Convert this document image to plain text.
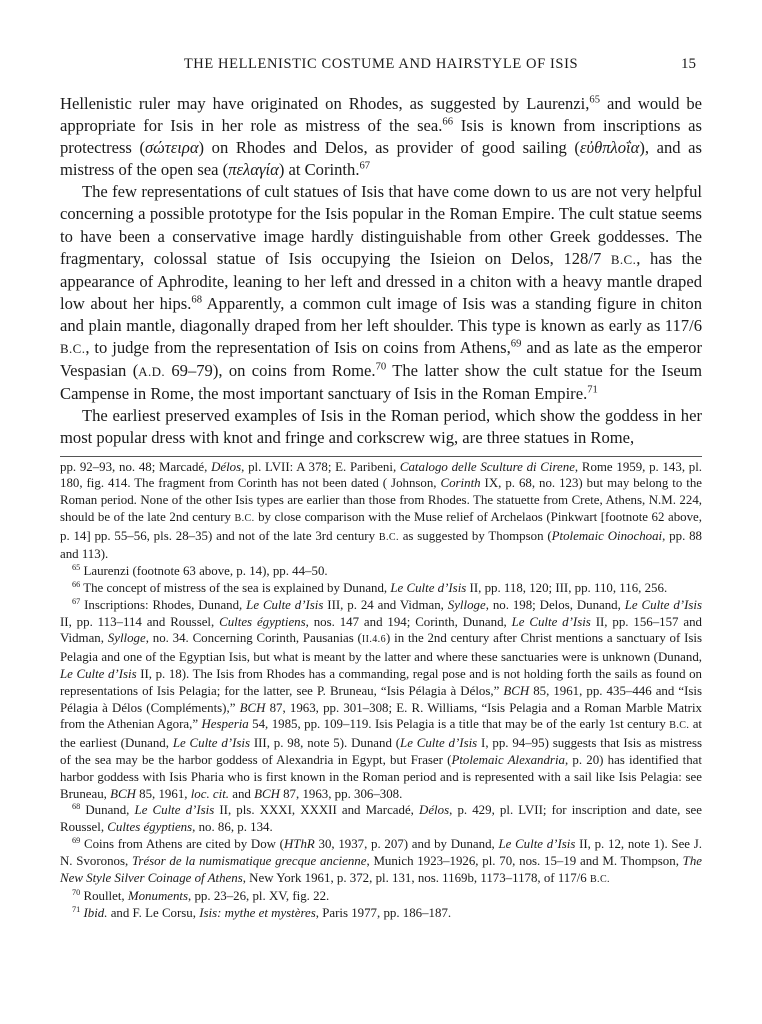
THE HELLENISTIC COSTUME AND HAIRSTYLE OF ISIS	15

Hellenistic ruler may have originated on Rhodes, as suggested by Laurenzi,$^{65}$ and would be appropriate for Isis in her role as mistress of the sea.$^{66}$ Isis is known from inscriptions as protectress (σώτειρα) on Rhodes and Delos, as provider of good sailing (εὐθπλοΐα), and as mistress of the open sea (πελαγία) at Corinth.$^{67}$

The few representations of cult statues of Isis that have come down to us are not very helpful concerning a possible prototype for the Isis popular in the Roman Empire. The cult statue seems to have been a conservative image hardly distinguishable from other Greek goddesses. The fragmentary, colossal statue of Isis occupying the Isieion on Delos, 128/7 B.C., has the appearance of Aphrodite, leaning to her left and dressed in a chiton with a heavy mantle draped low about her hips.$^{68}$ Apparently, a common cult image of Isis was a standing figure in chiton and plain mantle, diagonally draped from her left shoulder. This type is known as early as 117/6 B.C., to judge from the representation of Isis on coins from Athens,$^{69}$ and as late as the emperor Vespasian (A.D. 69–79), on coins from Rome.$^{70}$ The latter show the cult statue for the Iseum Campense in Rome, the most important sanctuary of Isis in the Roman Empire.$^{71}$

The earliest preserved examples of Isis in the Roman period, which show the goddess in her most popular dress with knot and fringe and corkscrew wig, are three statues in Rome,

pp. 92–93, no. 48; Marcadé, Délos, pl. LVII: A 378; E. Paribeni, Catalogo delle Sculture di Cirene, Rome 1959, p. 143, pl. 180, fig. 414. The fragment from Corinth has not been dated ( Johnson, Corinth IX, p. 68, no. 123) but may belong to the Roman period. None of the other Isis types are earlier than those from Rhodes. The statuette from Crete, Athens, N.M. 224, should be of the late 2nd century B.C. by close comparison with the Muse relief of Archelaos (Pinkwart [footnote 62 above, p. 14] pp. 55–56, pls. 28–35) and not of the late 3rd century B.C. as suggested by Thompson (Ptolemaic Oinochoai, pp. 88 and 113).

$^{65}$ Laurenzi (footnote 63 above, p. 14), pp. 44–50.

$^{66}$ The concept of mistress of the sea is explained by Dunand, Le Culte d’Isis II, pp. 118, 120; III, pp. 110, 116, 256.

$^{67}$ Inscriptions: Rhodes, Dunand, Le Culte d’Isis III, p. 24 and Vidman, Sylloge, no. 198; Delos, Dunand, Le Culte d’Isis II, pp. 113–114 and Roussel, Cultes égyptiens, nos. 147 and 194; Corinth, Dunand, Le Culte d’Isis II, pp. 156–157 and Vidman, Sylloge, no. 34. Concerning Corinth, Pausanias (II.4.6) in the 2nd century after Christ mentions a sanctuary of Isis Pelagia and one of the Egyptian Isis, but what is meant by the latter and where these sanctuaries were is unknown (Dunand, Le Culte d’Isis II, p. 18). The Isis from Rhodes has a commanding, regal pose and is not holding forth the sails as found on representations of Isis Pelagia; for the latter, see P. Bruneau, “Isis Pélagia à Délos,” BCH 85, 1961, pp. 435–446 and “Isis Pélagia à Délos (Compléments),” BCH 87, 1963, pp. 301–308; E. R. Williams, “Isis Pelagia and a Roman Marble Matrix from the Athenian Agora,” Hesperia 54, 1985, pp. 109–119. Isis Pelagia is a title that may be of the early 1st century B.C. at the earliest (Dunand, Le Culte d’Isis III, p. 98, note 5). Dunand (Le Culte d’Isis I, pp. 94–95) suggests that Isis as mistress of the sea may be the harbor goddess of Alexandria in Egypt, but Fraser (Ptolemaic Alexandria, p. 20) has identified that harbor goddess with Isis Pharia who is first known in the Roman period and is represented with a sail like Isis Pelagia: see Bruneau, BCH 85, 1961, loc. cit. and BCH 87, 1963, pp. 306–308.

$^{68}$ Dunand, Le Culte d’Isis II, pls. XXXI, XXXII and Marcadé, Délos, p. 429, pl. LVII; for inscription and date, see Roussel, Cultes égyptiens, no. 86, p. 134.

$^{69}$ Coins from Athens are cited by Dow (HThR 30, 1937, p. 207) and by Dunand, Le Culte d’Isis II, p. 12, note 1). See J. N. Svoronos, Trésor de la numismatique grecque ancienne, Munich 1923–1926, pl. 70, nos. 15–19 and M. Thompson, The New Style Silver Coinage of Athens, New York 1961, p. 372, pl. 131, nos. 1169b, 1173–1178, of 117/6 B.C.

$^{70}$ Roullet, Monuments, pp. 23–26, pl. XV, fig. 22.

$^{71}$ Ibid. and F. Le Corsu, Isis: mythe et mystères, Paris 1977, pp. 186–187.
